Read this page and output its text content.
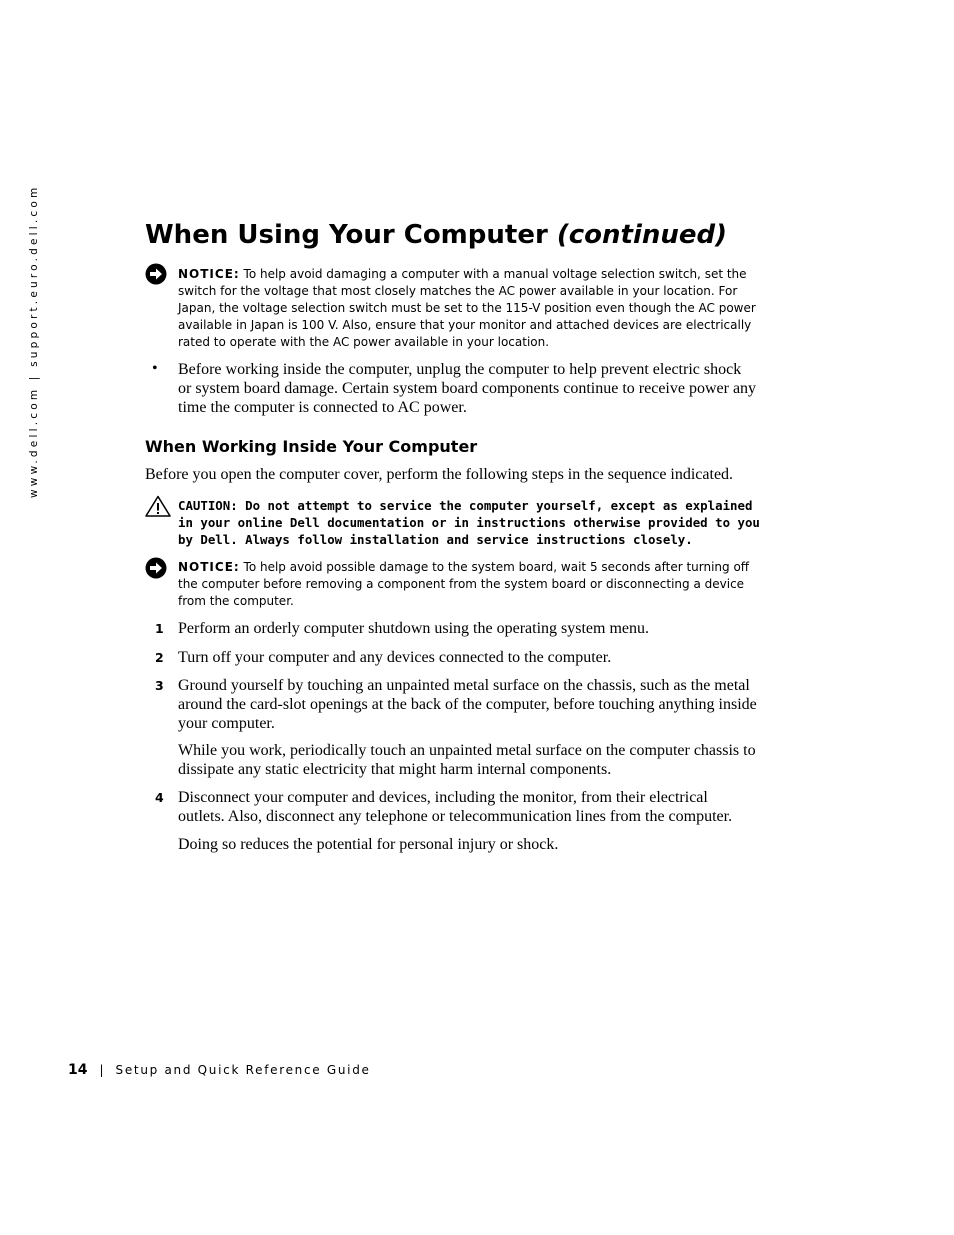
www.dell.com | support.euro.dell.com	When Using Your Computer (continued)
NOTICE: To help avoid damaging a computer with a manual voltage selection switch, set the switch for the voltage that most closely matches the AC power available in your location. For Japan, the voltage selection switch must be set to the 115-V position even though the AC power available in Japan is 100 V. Also, ensure that your monitor and attached devices are electrically rated to operate with the AC power available in your location.
• Before working inside the computer, unplug the computer to help prevent electric shock or system board damage. Certain system board components continue to receive power any time the computer is connected to AC power.
When Working Inside Your Computer
Before you open the computer cover, perform the following steps in the sequence indicated.
CAUTION: Do not attempt to service the computer yourself, except as explained in your online Dell documentation or in instructions otherwise provided to you by Dell. Always follow installation and service instructions closely.
NOTICE: To help avoid possible damage to the system board, wait 5 seconds after turning off the computer before removing a component from the system board or disconnecting a device from the computer.
1 Perform an orderly computer shutdown using the operating system menu.
2 Turn off your computer and any devices connected to the computer.
3 Ground yourself by touching an unpainted metal surface on the chassis, such as the metal around the card-slot openings at the back of the computer, before touching anything inside your computer.
While you work, periodically touch an unpainted metal surface on the computer chassis to dissipate any static electricity that might harm internal components.
4 Disconnect your computer and devices, including the monitor, from their electrical outlets. Also, disconnect any telephone or telecommunication lines from the computer.
Doing so reduces the potential for personal injury or shock.
14 | Setup and Quick Reference Guide
